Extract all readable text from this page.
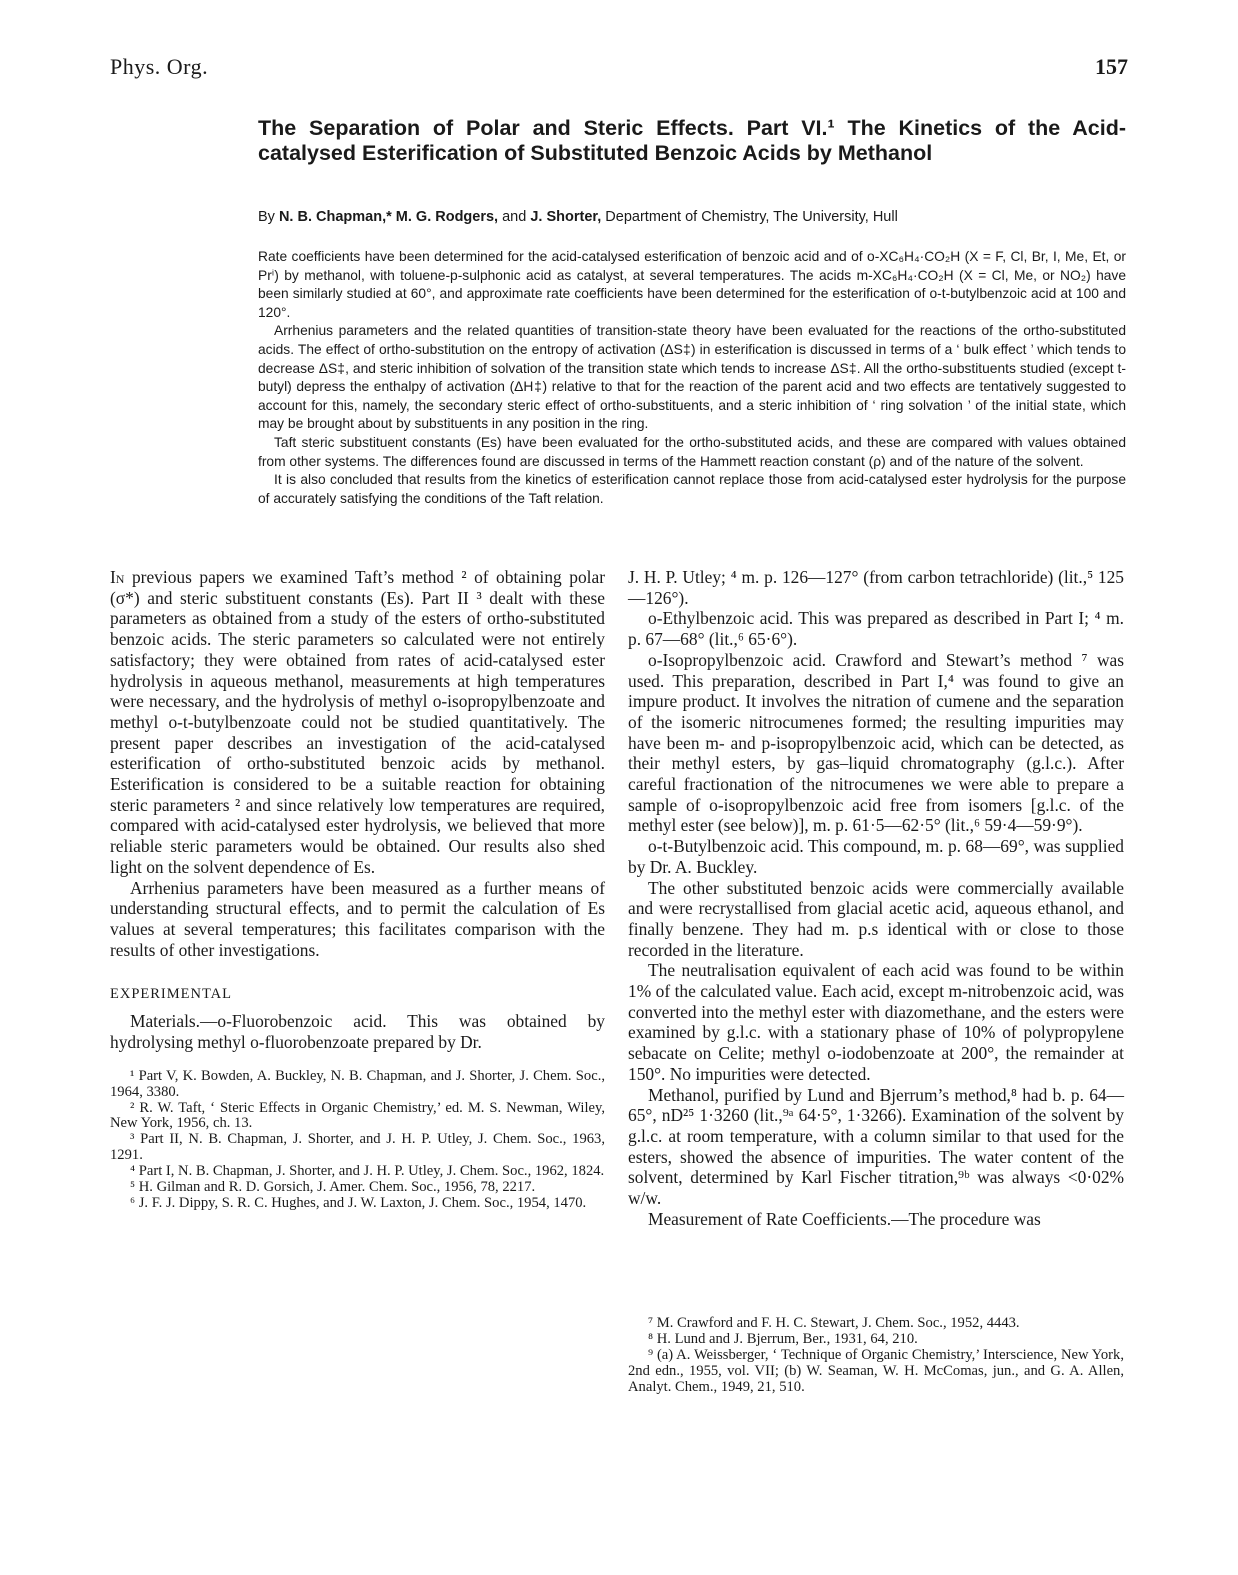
Phys. Org.	157
The Separation of Polar and Steric Effects. Part VI.¹ The Kinetics of the Acid-catalysed Esterification of Substituted Benzoic Acids by Methanol
By N. B. Chapman,* M. G. Rodgers, and J. Shorter, Department of Chemistry, The University, Hull

Rate coefficients have been determined for the acid-catalysed esterification of benzoic acid and of o-XC₆H₄·CO₂H (X = F, Cl, Br, I, Me, Et, or Prⁱ) by methanol, with toluene-p-sulphonic acid as catalyst, at several temperatures. The acids m-XC₆H₄·CO₂H (X = Cl, Me, or NO₂) have been similarly studied at 60°, and approximate rate coefficients have been determined for the esterification of o-t-butylbenzoic acid at 100 and 120°.

Arrhenius parameters and the related quantities of transition-state theory have been evaluated for the reactions of the ortho-substituted acids. The effect of ortho-substitution on the entropy of activation (ΔS‡) in esterification is discussed in terms of a ‘ bulk effect ’ which tends to decrease ΔS‡, and steric inhibition of solvation of the transition state which tends to increase ΔS‡. All the ortho-substituents studied (except t-butyl) depress the enthalpy of activation (ΔH‡) relative to that for the reaction of the parent acid and two effects are tentatively suggested to account for this, namely, the secondary steric effect of ortho-substituents, and a steric inhibition of ‘ ring solvation ’ of the initial state, which may be brought about by substituents in any position in the ring.

Taft steric substituent constants (Es) have been evaluated for the ortho-substituted acids, and these are compared with values obtained from other systems. The differences found are discussed in terms of the Hammett reaction constant (ρ) and of the nature of the solvent.

It is also concluded that results from the kinetics of esterification cannot replace those from acid-catalysed ester hydrolysis for the purpose of accurately satisfying the conditions of the Taft relation.

In previous papers we examined Taft’s method ² of obtaining polar (σ*) and steric substituent constants (Es). Part II ³ dealt with these parameters as obtained from a study of the esters of ortho-substituted benzoic acids. The steric parameters so calculated were not entirely satisfactory; they were obtained from rates of acid-catalysed ester hydrolysis in aqueous methanol, measurements at high temperatures were necessary, and the hydrolysis of methyl o-isopropylbenzoate and methyl o-t-butylbenzoate could not be studied quantitatively. The present paper describes an investigation of the acid-catalysed esterification of ortho-substituted benzoic acids by methanol. Esterification is considered to be a suitable reaction for obtaining steric parameters ² and since relatively low temperatures are required, compared with acid-catalysed ester hydrolysis, we believed that more reliable steric parameters would be obtained. Our results also shed light on the solvent dependence of Es.

Arrhenius parameters have been measured as a further means of understanding structural effects, and to permit the calculation of Es values at several temperatures; this facilitates comparison with the results of other investigations.

EXPERIMENTAL

Materials.—o-Fluorobenzoic acid. This was obtained by hydrolysing methyl o-fluorobenzoate prepared by Dr.

¹ Part V, K. Bowden, A. Buckley, N. B. Chapman, and J. Shorter, J. Chem. Soc., 1964, 3380.

² R. W. Taft, ‘ Steric Effects in Organic Chemistry,’ ed. M. S. Newman, Wiley, New York, 1956, ch. 13.

³ Part II, N. B. Chapman, J. Shorter, and J. H. P. Utley, J. Chem. Soc., 1963, 1291.

⁴ Part I, N. B. Chapman, J. Shorter, and J. H. P. Utley, J. Chem. Soc., 1962, 1824.

⁵ H. Gilman and R. D. Gorsich, J. Amer. Chem. Soc., 1956, 78, 2217.

⁶ J. F. J. Dippy, S. R. C. Hughes, and J. W. Laxton, J. Chem. Soc., 1954, 1470.

J. H. P. Utley; ⁴ m. p. 126—127° (from carbon tetrachloride) (lit.,⁵ 125—126°).

o-Ethylbenzoic acid. This was prepared as described in Part I; ⁴ m. p. 67—68° (lit.,⁶ 65·6°).

o-Isopropylbenzoic acid. Crawford and Stewart’s method ⁷ was used. This preparation, described in Part I,⁴ was found to give an impure product. It involves the nitration of cumene and the separation of the isomeric nitrocumenes formed; the resulting impurities may have been m- and p-isopropylbenzoic acid, which can be detected, as their methyl esters, by gas–liquid chromatography (g.l.c.). After careful fractionation of the nitrocumenes we were able to prepare a sample of o-isopropylbenzoic acid free from isomers [g.l.c. of the methyl ester (see below)], m. p. 61·5—62·5° (lit.,⁶ 59·4—59·9°).

o-t-Butylbenzoic acid. This compound, m. p. 68—69°, was supplied by Dr. A. Buckley.

The other substituted benzoic acids were commercially available and were recrystallised from glacial acetic acid, aqueous ethanol, and finally benzene. They had m. p.s identical with or close to those recorded in the literature.

The neutralisation equivalent of each acid was found to be within 1% of the calculated value. Each acid, except m-nitrobenzoic acid, was converted into the methyl ester with diazomethane, and the esters were examined by g.l.c. with a stationary phase of 10% of polypropylene sebacate on Celite; methyl o-iodobenzoate at 200°, the remainder at 150°. No impurities were detected.

Methanol, purified by Lund and Bjerrum’s method,⁸ had b. p. 64—65°, nD²⁵ 1·3260 (lit.,⁹ᵃ 64·5°, 1·3266). Examination of the solvent by g.l.c. at room temperature, with a column similar to that used for the esters, showed the absence of impurities. The water content of the solvent, determined by Karl Fischer titration,⁹ᵇ was always <0·02% w/w.

Measurement of Rate Coefficients.—The procedure was

⁷ M. Crawford and F. H. C. Stewart, J. Chem. Soc., 1952, 4443.

⁸ H. Lund and J. Bjerrum, Ber., 1931, 64, 210.

⁹ (a) A. Weissberger, ‘ Technique of Organic Chemistry,’ Interscience, New York, 2nd edn., 1955, vol. VII; (b) W. Seaman, W. H. McComas, jun., and G. A. Allen, Analyt. Chem., 1949, 21, 510.
